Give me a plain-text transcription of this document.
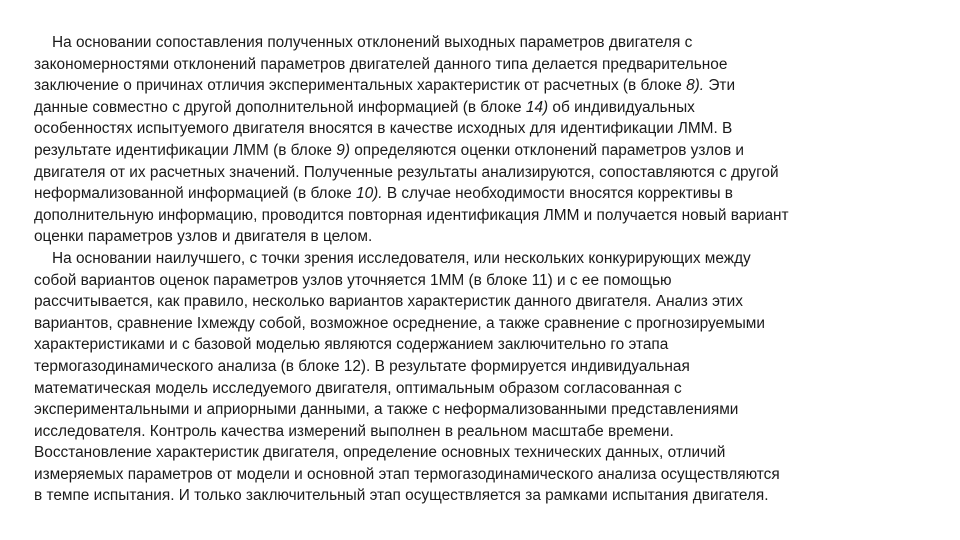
На основании сопоставления полученных отклонений выходных параметров двигателя с
закономерностями отклонений параметров двигателей данного типа делается предварительное
заключение о причинах отличия экспериментальных характеристик от расчетных (в блоке 8). Эти
данные совместно с другой дополнительной информацией (в блоке 14) об индивидуальных
особенностях испытуемого двигателя вносятся в качестве исходных для идентификации ЛММ. В
результате идентификации ЛММ (в блоке 9) определяются оценки отклонений параметров узлов и
двигателя от их расчетных значений. Полученные результаты анализируются, сопоставляются с другой
неформализованной информацией (в блоке 10). В случае необходимости вносятся коррективы в
дополнительную информацию, проводится повторная идентификация ЛММ и получается новый вариант
оценки параметров узлов и двигателя в целом.
На основании наилучшего, с точки зрения исследователя, или нескольких конкурирующих между
собой вариантов оценок параметров узлов уточняется 1ММ (в блоке 11) и с ее помощью
рассчитывается, как правило, несколько вариантов характеристик данного двигателя. Анализ этих
вариантов, сравнение Ixмежду собой, возможное осреднение, а также сравнение с прогнозируемыми
характеристиками и с базовой моделью являются содержанием заключительно го этапа
термогазодинамического анализа (в блоке 12). В результате формируется индивидуальная
математическая модель исследуемого двигателя, оптимальным образом согласованная с
экспериментальными и априорными данными, а также с неформализованными представлениями
исследователя. Контроль качества измерений выполнен в реальном масштабе времени.
Восстановление характеристик двигателя, определение основных технических данных, отличий
измеряемых параметров от модели и основной этап термогазодинамического анализа осуществляются
в темпе испытания. И только заключительный этап осуществляется за рамками испытания двигателя.
